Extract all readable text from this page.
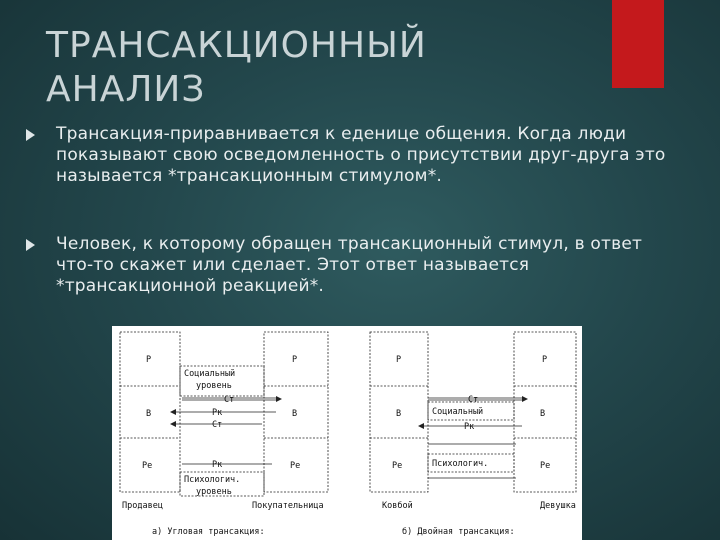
ТРАНСАКЦИОННЫЙ
АНАЛИЗ
Трансакция-приравнивается к еденице общения. Когда люди показывают свою осведомленность о присутствии друг-друга это называется *трансакционным стимулом*.
Человек, к которому обращен трансакционный стимул, в ответ что-то скажет или сделает. Этот ответ называется *трансакционной реакцией*.
Р
В
Ре
Р
В
Ре
Социальный
уровень
Психологич.
уровень
Ст
Рк
Ст
Рк
Продавец	Покупательница
а) Угловая трансакция:
Р
В
Ре
Р
В
Ре
Социальный
Психологич.
Ст
Рк
Ковбой	Девушка
б) Двойная трансакция:
